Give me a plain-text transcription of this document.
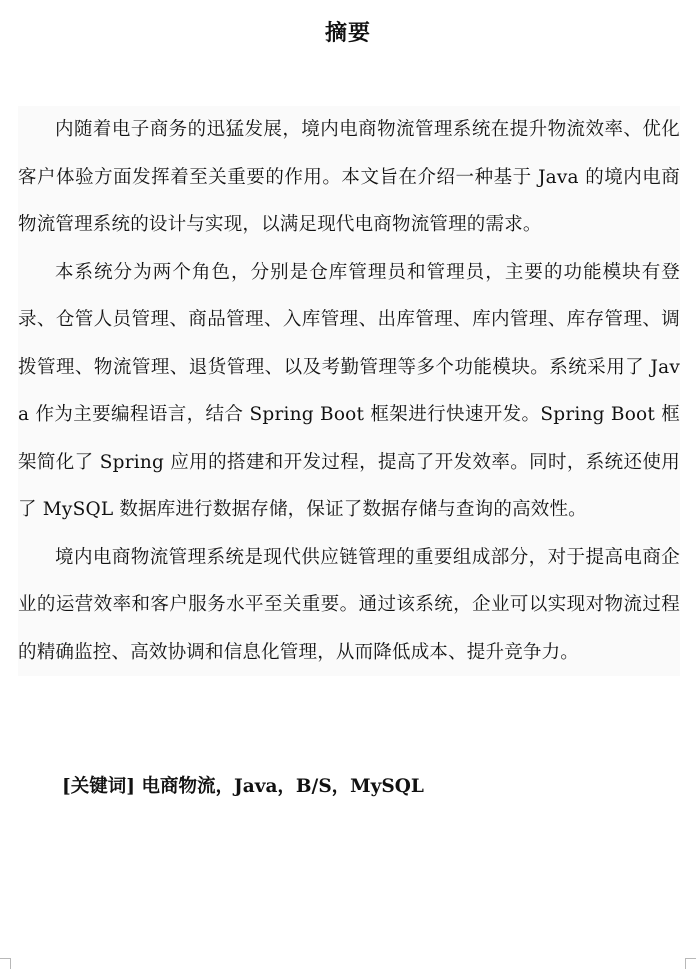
摘要

内随着电子商务的迅猛发展，境内电商物流管理系统在提升物流效率、优化客户体验方面发挥着至关重要的作用。本文旨在介绍一种基于 Java 的境内电商物流管理系统的设计与实现，以满足现代电商物流管理的需求。

本系统分为两个角色，分别是仓库管理员和管理员，主要的功能模块有登录、仓管人员管理、商品管理、入库管理、出库管理、库内管理、库存管理、调拨管理、物流管理、退货管理、以及考勤管理等多个功能模块。系统采用了 Java 作为主要编程语言，结合 Spring Boot 框架进行快速开发。Spring Boot 框架简化了 Spring 应用的搭建和开发过程，提高了开发效率。同时，系统还使用了 MySQL 数据库进行数据存储，保证了数据存储与查询的高效性。

境内电商物流管理系统是现代供应链管理的重要组成部分，对于提高电商企业的运营效率和客户服务水平至关重要。通过该系统，企业可以实现对物流过程的精确监控、高效协调和信息化管理，从而降低成本、提升竞争力。

[关键词] 电商物流，Java，B/S，MySQL
